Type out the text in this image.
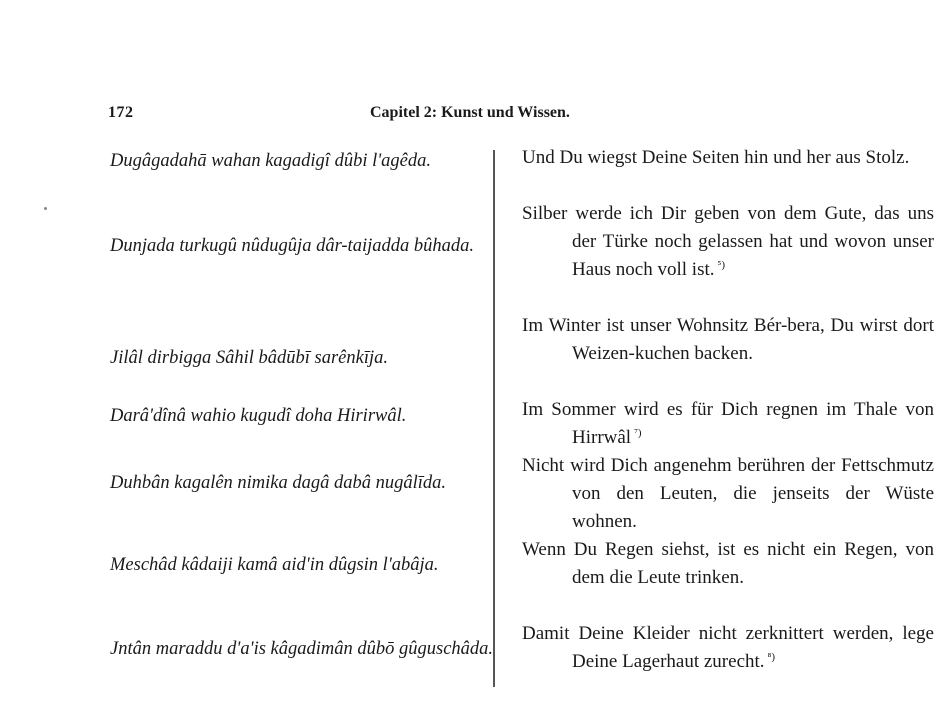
172	Capitel 2: Kunst und Wissen.
Dugâgadahā wahan kagadigî dûbi l'agêda.
Dunjada turkugû nûdugûja dâr-taijadda bûhada.
Jilâl dirbigga Sâhil bâdūbī sarênkīja.
Darâ'dînâ wahio kugudî doha Hirirwâl.
Duhbân kagalên nimika dagâ dabâ nugâlīda.
Meschâd kâdaiji kamâ aid'in dûgsin l'abâja.
Jntân maraddu d'a'is kâgadimân dûbō gûguschâda.
Und Du wiegst Deine Seiten hin und her aus Stolz.
Silber werde ich Dir geben von dem Gute, das uns der Türke noch gelassen hat und wovon unser Haus noch voll ist. $^{^5)}$
Im Winter ist unser Wohnsitz Bér-bera, Du wirst dort Weizen-kuchen backen.
Im Sommer wird es für Dich regnen im Thale von Hirrwâl $^{^7)}$
Nicht wird Dich angenehm berühren der Fettschmutz von den Leuten, die jenseits der Wüste wohnen.
Wenn Du Regen siehst, ist es nicht ein Regen, von dem die Leute trinken.
Damit Deine Kleider nicht zerknittert werden, lege Deine Lagerhaut zurecht. $^{^8)}$
